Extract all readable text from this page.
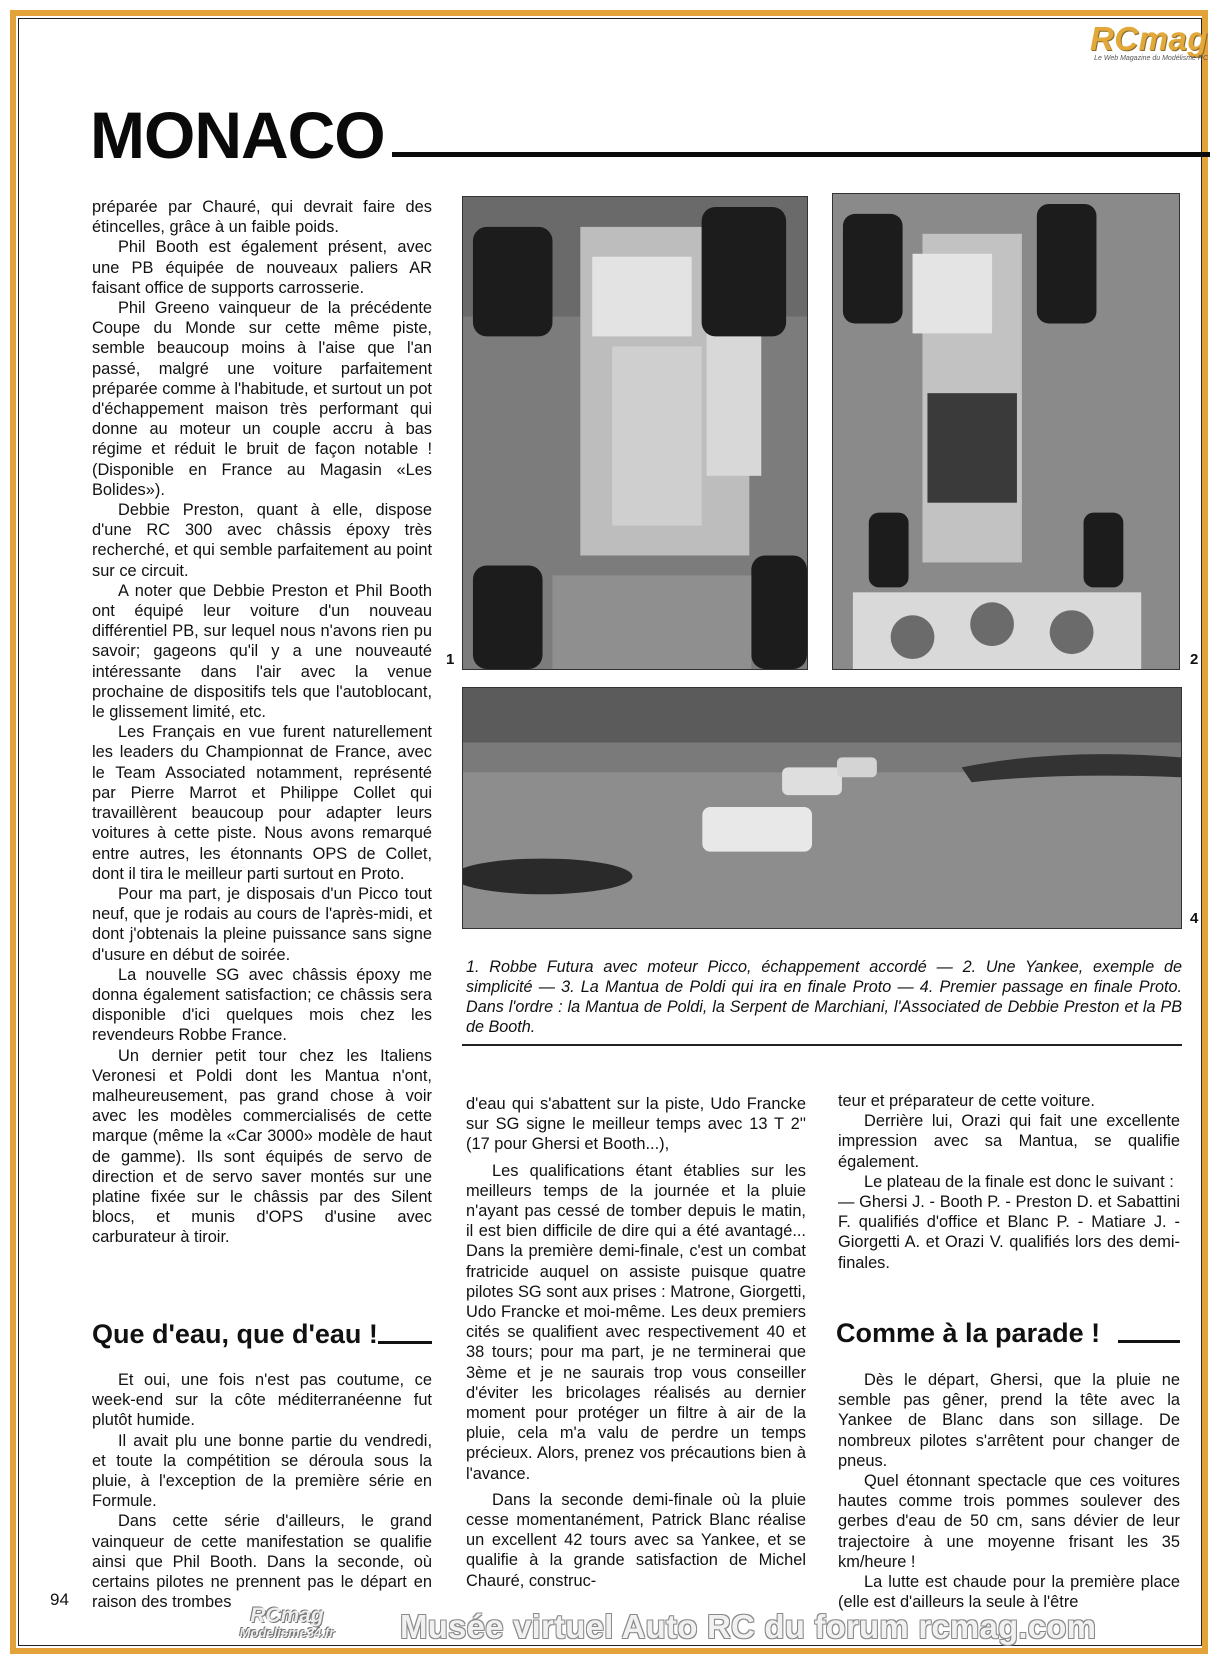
RCmag
Le Web Magazine du Modélisme RC
MONACO

préparée par Chauré, qui devrait faire des étincelles, grâce à un faible poids.

Phil Booth est également présent, avec une PB équipée de nouveaux paliers AR faisant office de supports carrosserie.

Phil Greeno vainqueur de la précédente Coupe du Monde sur cette même piste, semble beaucoup moins à l'aise que l'an passé, malgré une voiture parfaitement préparée comme à l'habitude, et surtout un pot d'échappement maison très performant qui donne au moteur un couple accru à bas régime et réduit le bruit de façon notable ! (Disponible en France au Magasin «Les Bolides»).

Debbie Preston, quant à elle, dispose d'une RC 300 avec châssis époxy très recherché, et qui semble parfaitement au point sur ce circuit.

A noter que Debbie Preston et Phil Booth ont équipé leur voiture d'un nouveau différentiel PB, sur lequel nous n'avons rien pu savoir; gageons qu'il y a une nouveauté intéressante dans l'air avec la venue prochaine de dispositifs tels que l'autoblocant, le glissement limité, etc.

Les Français en vue furent naturellement les leaders du Championnat de France, avec le Team Associated notamment, représenté par Pierre Marrot et Philippe Collet qui travaillèrent beaucoup pour adapter leurs voitures à cette piste. Nous avons remarqué entre autres, les étonnants OPS de Collet, dont il tira le meilleur parti surtout en Proto.

Pour ma part, je disposais d'un Picco tout neuf, que je rodais au cours de l'après-midi, et dont j'obtenais la pleine puissance sans signe d'usure en début de soirée.

La nouvelle SG avec châssis époxy me donna également satisfaction; ce châssis sera disponible d'ici quelques mois chez les revendeurs Robbe France.

Un dernier petit tour chez les Italiens Veronesi et Poldi dont les Mantua n'ont, malheureusement, pas grand chose à voir avec les modèles commercialisés de cette marque (même la «Car 3000» modèle de haut de gamme). Ils sont équipés de servo de direction et de servo saver montés sur une platine fixée sur le châssis par des Silent blocs, et munis d'OPS d'usine avec carburateur à tiroir.

Que d'eau, que d'eau !

Et oui, une fois n'est pas coutume, ce week-end sur la côte méditerranéenne fut plutôt humide.

Il avait plu une bonne partie du vendredi, et toute la compétition se déroula sous la pluie, à l'exception de la première série en Formule.

Dans cette série d'ailleurs, le grand vainqueur de cette manifestation se qualifie ainsi que Phil Booth. Dans la seconde, où certains pilotes ne prennent pas le départ en raison des trombes

1	2
4
1. Robbe Futura avec moteur Picco, échappement accordé — 2. Une Yankee, exemple de simplicité — 3. La Mantua de Poldi qui ira en finale Proto — 4. Premier passage en finale Proto. Dans l'ordre : la Mantua de Poldi, la Serpent de Marchiani, l'Associated de Debbie Preston et la PB de Booth.

d'eau qui s'abattent sur la piste, Udo Francke sur SG signe le meilleur temps avec 13 T 2'' (17 pour Ghersi et Booth...),

Les qualifications étant établies sur les meilleurs temps de la journée et la pluie n'ayant pas cessé de tomber depuis le matin, il est bien difficile de dire qui a été avantagé... Dans la première demi-finale, c'est un combat fratricide auquel on assiste puisque quatre pilotes SG sont aux prises : Matrone, Giorgetti, Udo Francke et moi-même. Les deux premiers cités se qualifient avec respectivement 40 et 38 tours; pour ma part, je ne terminerai que 3ème et je ne saurais trop vous conseiller d'éviter les bricolages réalisés au dernier moment pour protéger un filtre à air de la pluie, cela m'a valu de perdre un temps précieux. Alors, prenez vos précautions bien à l'avance.

Dans la seconde demi-finale où la pluie cesse momentanément, Patrick Blanc réalise un excellent 42 tours avec sa Yankee, et se qualifie à la grande satisfaction de Michel Chauré, construc-

teur et préparateur de cette voiture.

Derrière lui, Orazi qui fait une excellente impression avec sa Mantua, se qualifie également.

Le plateau de la finale est donc le suivant :

— Ghersi J. - Booth P. - Preston D. et Sabattini F. qualifiés d'office et Blanc P. - Matiare J. - Giorgetti A. et Orazi V. qualifiés lors des demi-finales.

Comme à la parade !

Dès le départ, Ghersi, que la pluie ne semble pas gêner, prend la tête avec la Yankee de Blanc dans son sillage. De nombreux pilotes s'arrêtent pour changer de pneus.

Quel étonnant spectacle que ces voitures hautes comme trois pommes soulever des gerbes d'eau de 50 cm, sans dévier de leur trajectoire à une moyenne frisant les 35 km/heure !

La lutte est chaude pour la première place (elle est d'ailleurs la seule à l'être

94
RCmag
Modelisme34.fr	Musée virtuel Auto RC du forum rcmag.com
